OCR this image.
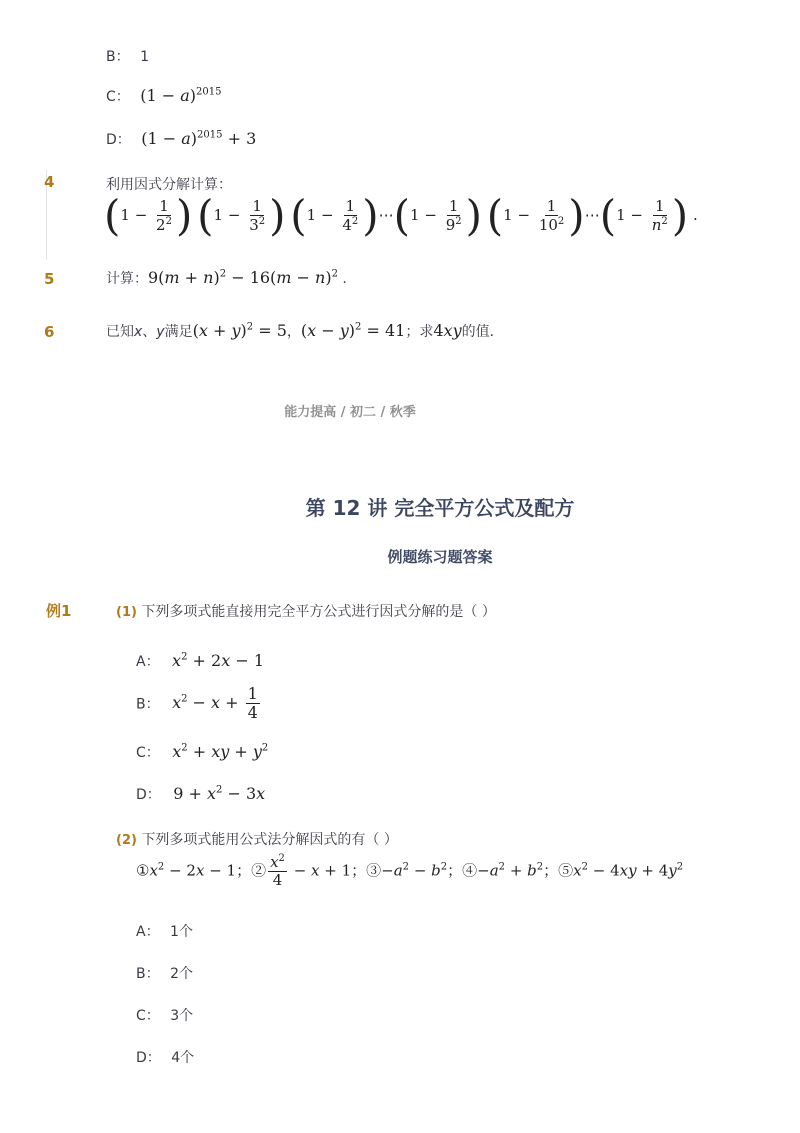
B： 1
C： $(1 - a)^{2015}$
D： $(1 - a)^{2015} + 3$
4	利用因式分解计算：
($1 - \frac{1}{2^2}$ ) ($1 - \frac{1}{3^2}$ ) ($1 - \frac{1}{4^2}$ )⋯(1 − $\frac{1}{9^2}$ ) ($1 - \frac{1}{10^2}$ )⋯(1 − $\frac{1}{n^2}$ ) .
5	计算：$9(m + n)^2 - 16(m - n)^2$ .
6	已知x、y满足$(x + y)^2 = 5$，$(x - y)^2 = 41$；求4xy的值．
能力提高 / 初二 / 秋季
第 12 讲 完全平方公式及配方
例题练习题答案
例1	(1) 下列多项式能直接用完全平方公式进行因式分解的是（ ）
A： $x^2 + 2x - 1$
B： $x^2 - x + \frac{1}{4}$
C： $x^2$ + xy + $y^2$
D： $9 + x^2 - 3x$
(2) 下列多项式能用公式法分解因式的有（ ）
$①x^2 - 2x - 1$；② $\frac{x^2}{4} - x + 1$；$③-a^2 - b^2$；$④-a^2 + b^2$；$⑤x^2 - 4xy + 4y^2$
A： 1个
B： 2个
C： 3个
D： 4个
